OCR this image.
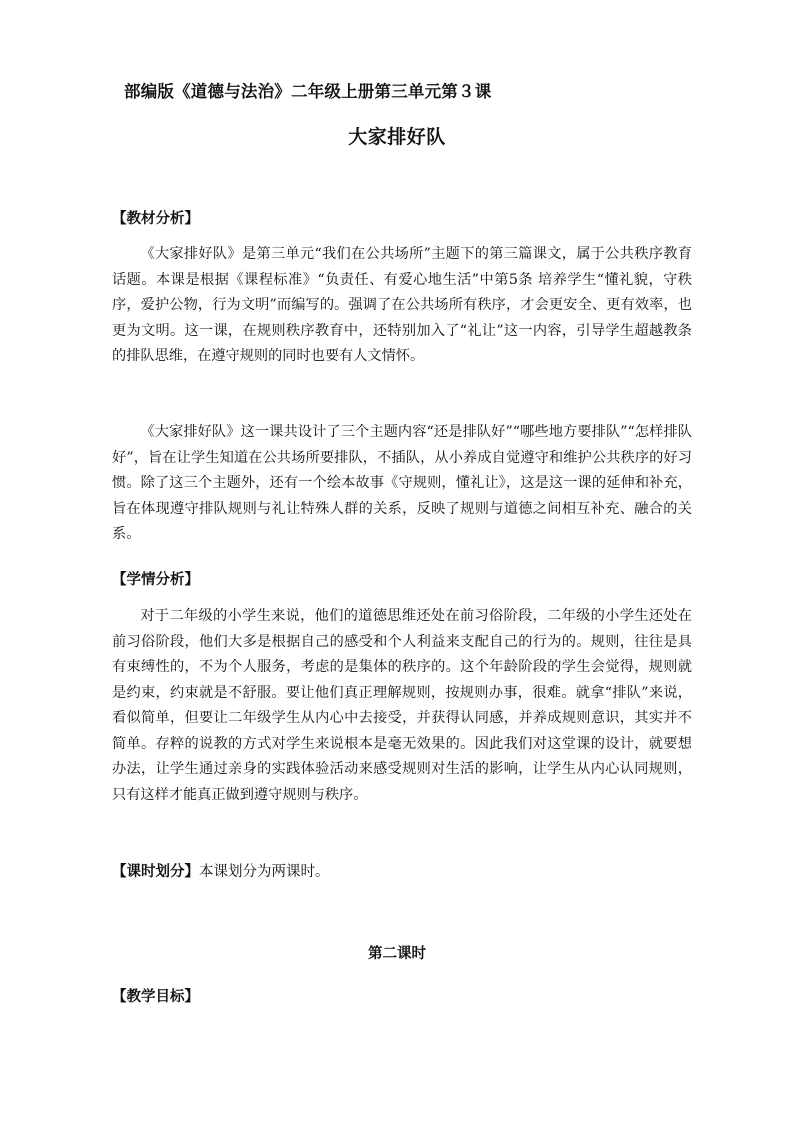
部编版《道德与法治》二年级上册第三单元第３课
大家排好队
【教材分析】

《大家排好队》是第三单元“我们在公共场所”主题下的第三篇课文，属于公共秩序教育话题。本课是根据《课程标准》“负责任、有爱心地生活”中第5条 培养学生“懂礼貌，守秩序，爱护公物，行为文明”而编写的。强调了在公共场所有秩序，才会更安全、更有效率，也更为文明。这一课，在规则秩序教育中，还特别加入了“礼让”这一内容，引导学生超越教条的排队思维，在遵守规则的同时也要有人文情怀。

《大家排好队》这一课共设计了三个主题内容“还是排队好”“哪些地方要排队”“怎样排队好”，旨在让学生知道在公共场所要排队，不插队，从小养成自觉遵守和维护公共秩序的好习惯。除了这三个主题外，还有一个绘本故事《守规则，懂礼让》，这是这一课的延伸和补充，旨在体现遵守排队规则与礼让特殊人群的关系，反映了规则与道德之间相互补充、融合的关系。

【学情分析】

对于二年级的小学生来说，他们的道德思维还处在前习俗阶段，二年级的小学生还处在前习俗阶段，他们大多是根据自己的感受和个人利益来支配自己的行为的。规则，往往是具有束缚性的，不为个人服务，考虑的是集体的秩序的。这个年龄阶段的学生会觉得，规则就是约束，约束就是不舒服。要让他们真正理解规则，按规则办事，很难。就拿“排队”来说，看似简单，但要让二年级学生从内心中去接受，并获得认同感，并养成规则意识，其实并不简单。存粹的说教的方式对学生来说根本是毫无效果的。因此我们对这堂课的设计，就要想办法，让学生通过亲身的实践体验活动来感受规则对生活的影响，让学生从内心认同规则，只有这样才能真正做到遵守规则与秩序。

【课时划分】本课划分为两课时。
第二课时
【教学目标】
